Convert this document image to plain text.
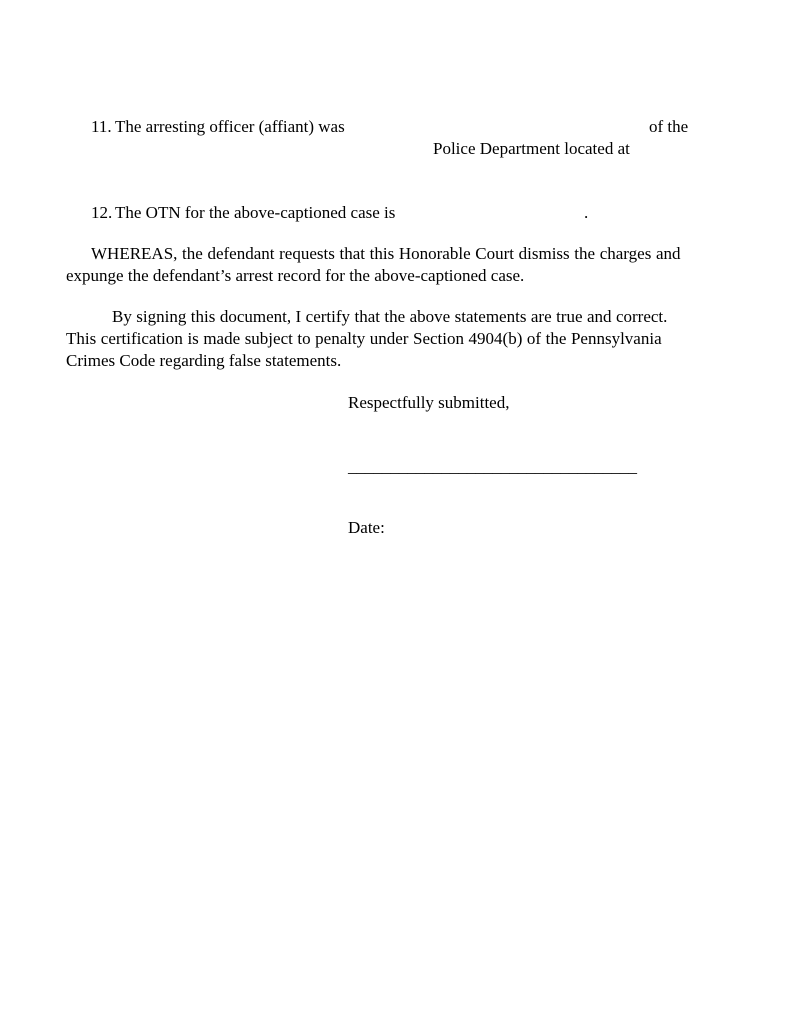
11. The arresting officer (affiant) was	of the
Police Department located at
12. The OTN for the above-captioned case is	.
WHEREAS, the defendant requests that this Honorable Court dismiss the charges and
expunge the defendant’s arrest record for the above-captioned case.
By signing this document, I certify that the above statements are true and correct.
This certification is made subject to penalty under Section 4904(b) of the Pennsylvania
Crimes Code regarding false statements.
Respectfully submitted,
__________________________________
Date:
